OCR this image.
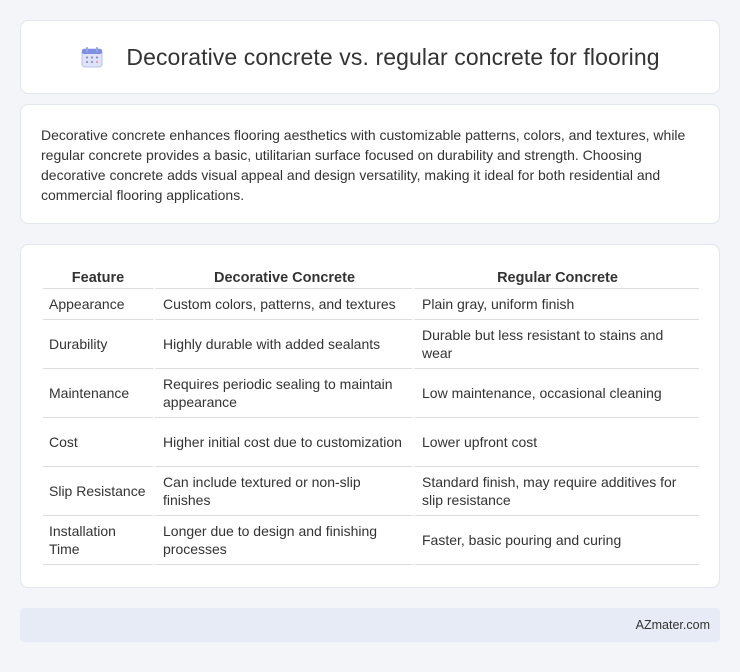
Decorative concrete vs. regular concrete for flooring

Decorative concrete enhances flooring aesthetics with customizable patterns, colors, and textures, while regular concrete provides a basic, utilitarian surface focused on durability and strength. Choosing decorative concrete adds visual appeal and design versatility, making it ideal for both residential and commercial flooring applications.

Feature	Decorative Concrete	Regular Concrete
Appearance	Custom colors, patterns, and textures	Plain gray, uniform finish
Durability	Highly durable with added sealants	Durable but less resistant to stains and wear
Maintenance	Requires periodic sealing to maintain appearance	Low maintenance, occasional cleaning
Cost	Higher initial cost due to customization	Lower upfront cost
Slip Resistance	Can include textured or non-slip finishes	Standard finish, may require additives for slip resistance
Installation Time	Longer due to design and finishing processes	Faster, basic pouring and curing
AZmater.com
